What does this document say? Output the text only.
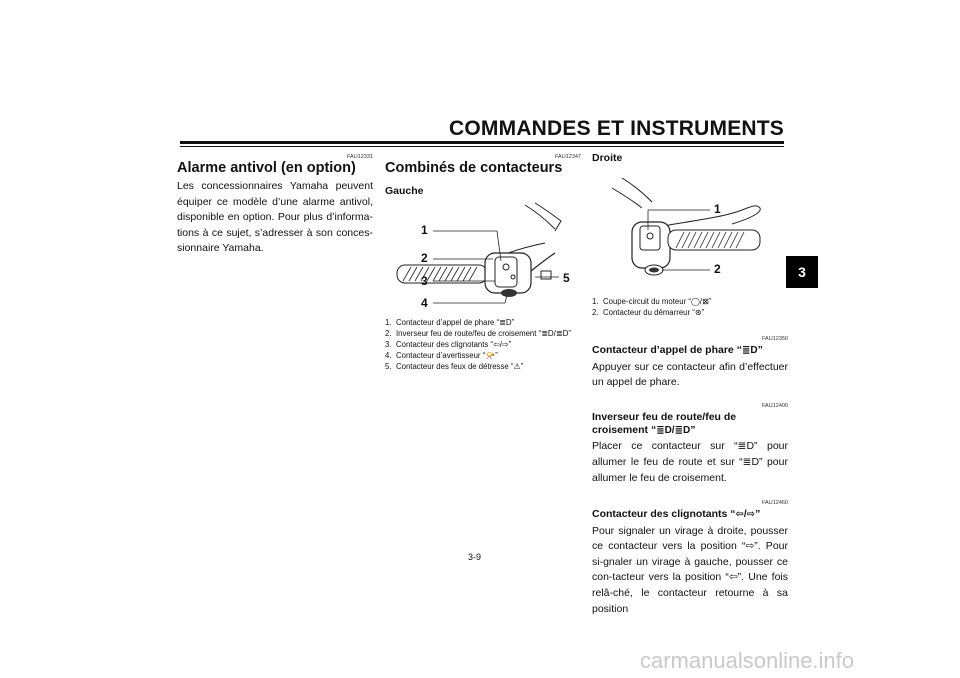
COMMANDES ET INSTRUMENTS
3
FAU12331
Alarme antivol (en option)

Les concessionnaires Yamaha peuvent équiper ce modèle d’une alarme antivol, disponible en option. Pour plus d’informa-tions à ce sujet, s’adresser à son conces-sionnaire Yamaha.

FAU12347
Combinés de contacteurs
Gauche
1
2
3
4
5
1. Contacteur d’appel de phare “≣D”
2. Inverseur feu de route/feu de croisement “≣D/≣D”
3. Contacteur des clignotants “⇦/⇨”
4. Contacteur d’avertisseur “📯”
5. Contacteur des feux de détresse “⚠”
Droite
1
2
1. Coupe-circuit du moteur “◯/⊠”
2. Contacteur du démarreur “⊛”
FAU12350
Contacteur d’appel de phare “≣D”

Appuyer sur ce contacteur afin d’effectuer un appel de phare.

FAU12400
Inverseur feu de route/feu de croisement “≣D/≣D”

Placer ce contacteur sur “≣D” pour allumer le feu de route et sur “≣D” pour allumer le feu de croisement.

FAU12460
Contacteur des clignotants “⇦/⇨”

Pour signaler un virage à droite, pousser ce contacteur vers la position “⇨”. Pour si-gnaler un virage à gauche, pousser ce con-tacteur vers la position “⇦”. Une fois relâ-ché, le contacteur retourne à sa position

3-9
carmanualsonline.info
